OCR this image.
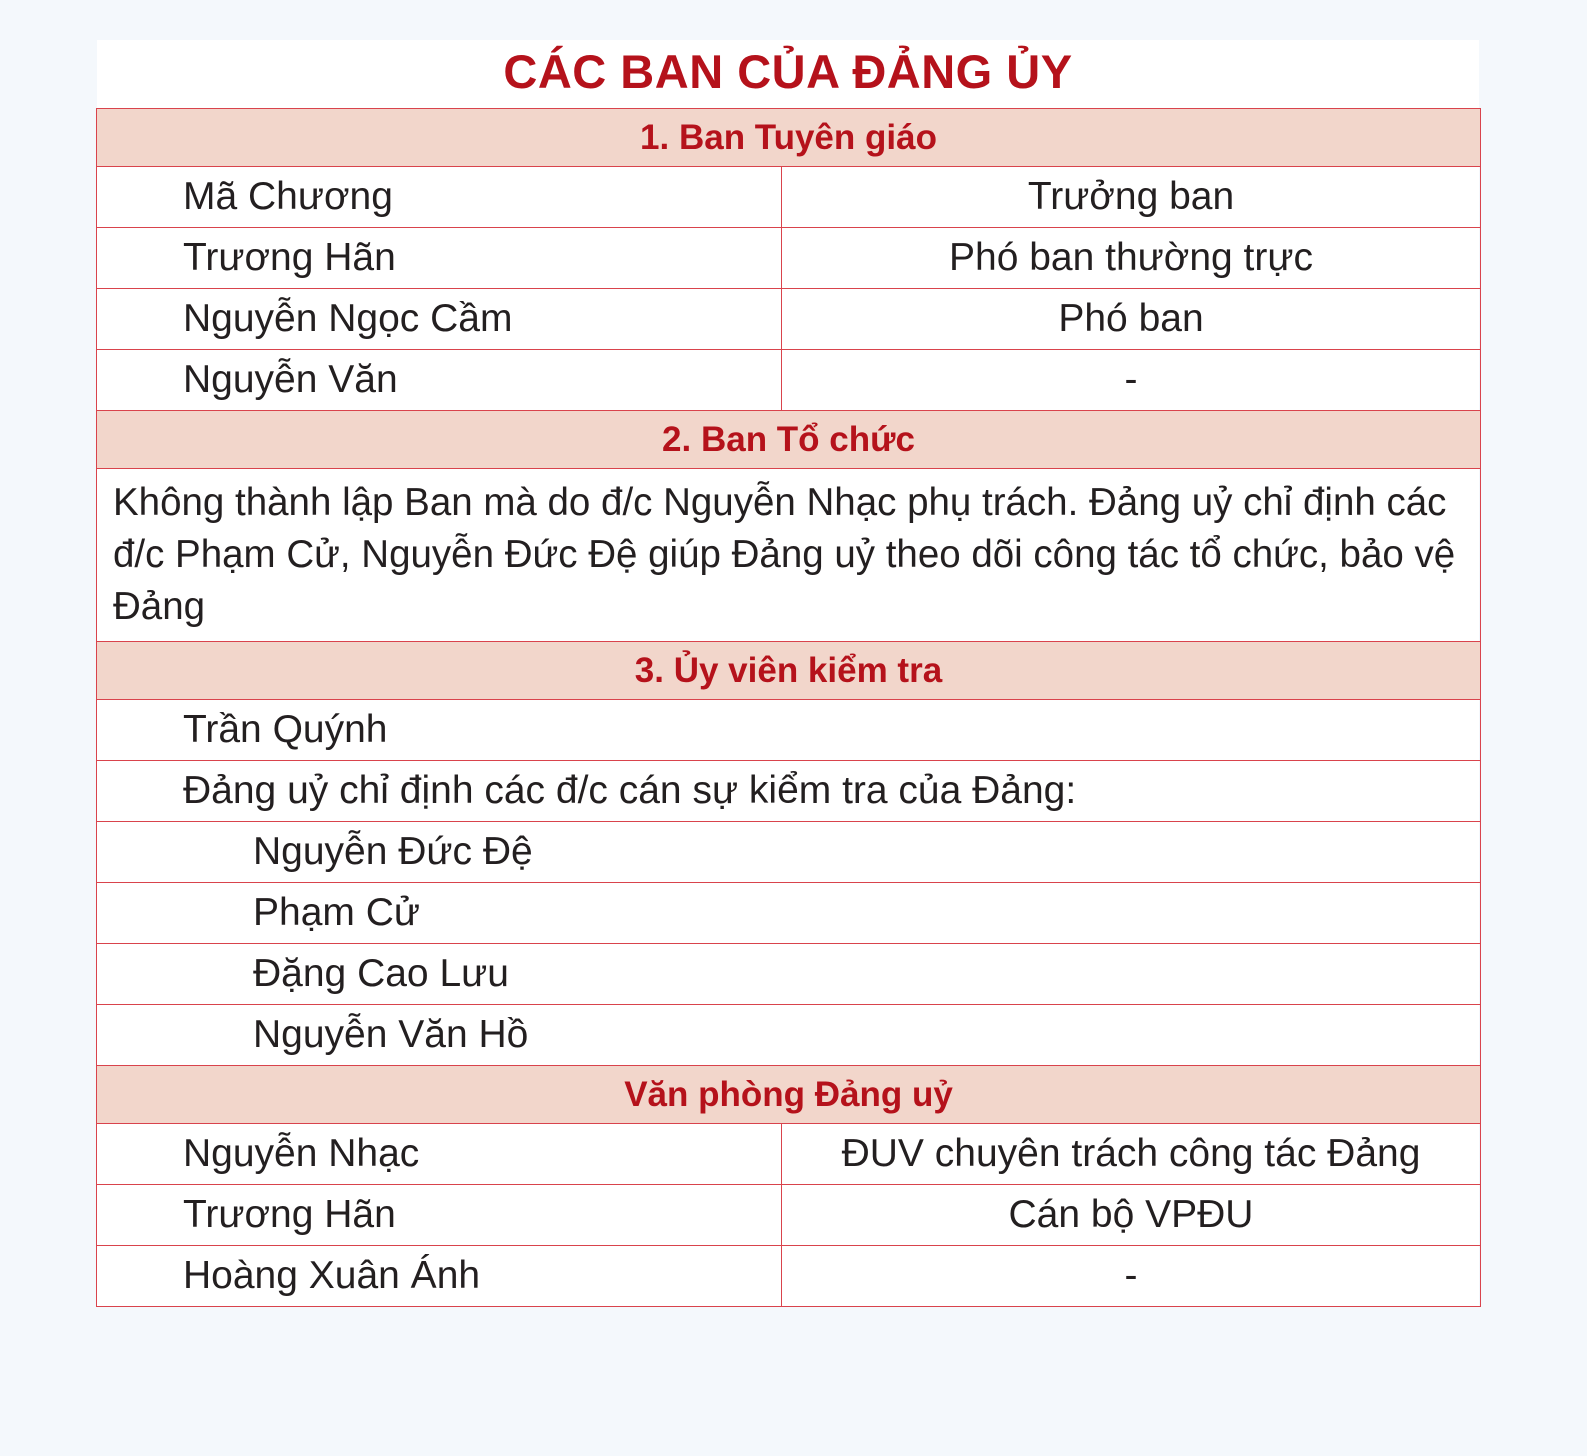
CÁC BAN CỦA ĐẢNG ỦY
1. Ban Tuyên giáo	
Mã Chương	Trưởng ban
Trương Hãn	Phó ban thường trực
Nguyễn Ngọc Cầm	Phó ban
Nguyễn Văn	-
2. Ban Tổ chức	
Không thành lập Ban mà do đ/c Nguyễn Nhạc phụ trách. Đảng uỷ chỉ định các đ/c Phạm Cử, Nguyễn Đức Đệ giúp Đảng uỷ theo dõi công tác tổ chức, bảo vệ Đảng	
3. Ủy viên kiểm tra	
Trần Quýnh	
Đảng uỷ chỉ định các đ/c cán sự kiểm tra của Đảng:	
Nguyễn Đức Đệ	
Phạm Cử	
Đặng Cao Lưu	
Nguyễn Văn Hồ	
Văn phòng Đảng uỷ	
Nguyễn Nhạc	ĐUV chuyên trách công tác Đảng
Trương Hãn	Cán bộ VPĐU
Hoàng Xuân Ánh	-
